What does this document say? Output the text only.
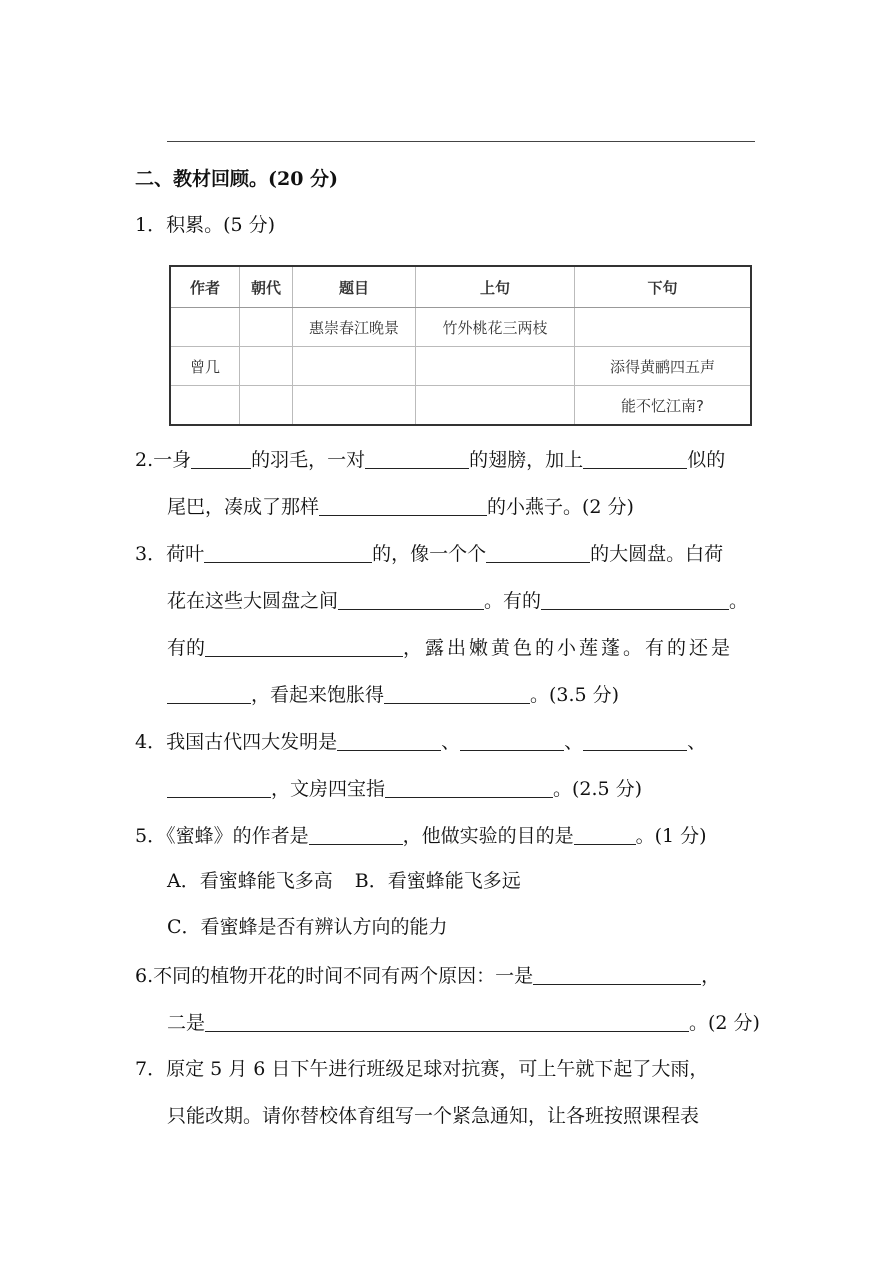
二、教材回顾。(20 分)
1．积累。(5 分)
作者	朝代	题目	上句	下句
		惠崇春江晚景	竹外桃花三两枝	
曾几				添得黄鹂四五声
				能不忆江南?
2.一身	的羽毛，一对	的翅膀，加上	似的
尾巴，凑成了那样	的小燕子。(2 分)
3．荷叶	的，像一个个	的大圆盘。白荷
花在这些大圆盘之间	。有的	。
有的	，露出嫩黄色的小莲蓬。有的还是
，看起来饱胀得	。(3.5 分)
4．我国古代四大发明是	、	、	、
，文房四宝指	。(2.5 分)
5．《蜜蜂》的作者是	，他做实验的目的是	。(1 分)
A．看蜜蜂能飞多高 B．看蜜蜂能飞多远
C．看蜜蜂是否有辨认方向的能力
6.不同的植物开花的时间不同有两个原因：一是	，
二是	。(2 分)
7．原定 5 月 6 日下午进行班级足球对抗赛，可上午就下起了大雨，
只能改期。请你替校体育组写一个紧急通知，让各班按照课程表
